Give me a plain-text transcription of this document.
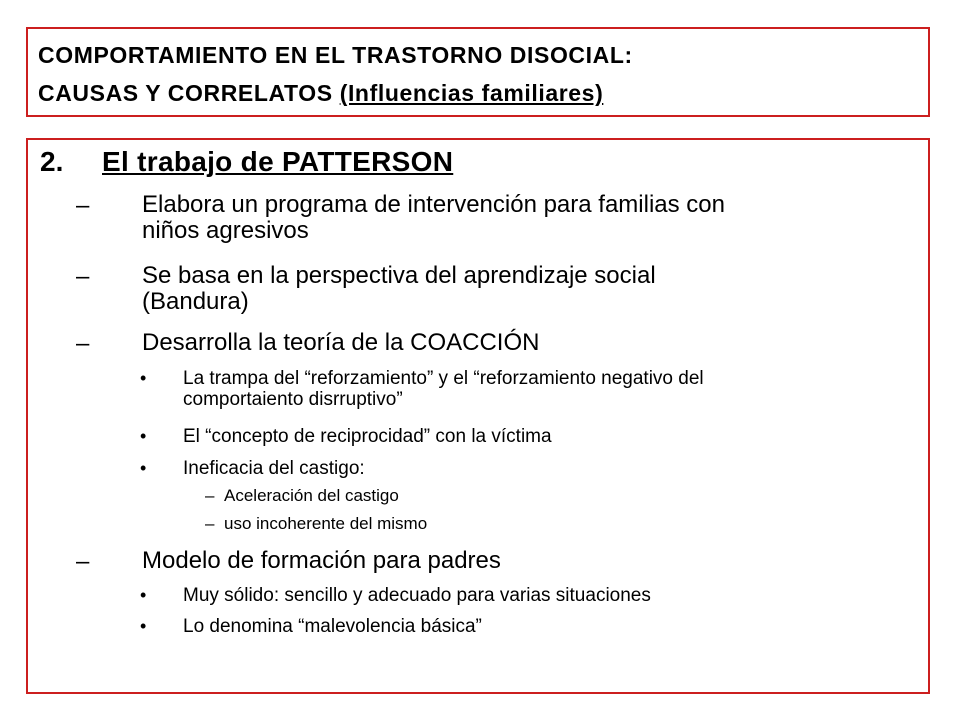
COMPORTAMIENTO EN EL TRASTORNO DISOCIAL:
CAUSAS Y CORRELATOS (Influencias familiares)
2. El trabajo de PATTERSON
– Elabora un programa de intervención para familias con
niños agresivos
– Se basa en la perspectiva del aprendizaje social
(Bandura)
– Desarrolla la teoría de la COACCIÓN
• La trampa del “reforzamiento” y el “reforzamiento negativo del
comportaiento disrruptivo”
• El “concepto de reciprocidad” con la víctima
• Ineficacia del castigo:
– Aceleración del castigo
– uso incoherente del mismo
– Modelo de formación para padres
• Muy sólido: sencillo y adecuado para varias situaciones
• Lo denomina “malevolencia básica”
